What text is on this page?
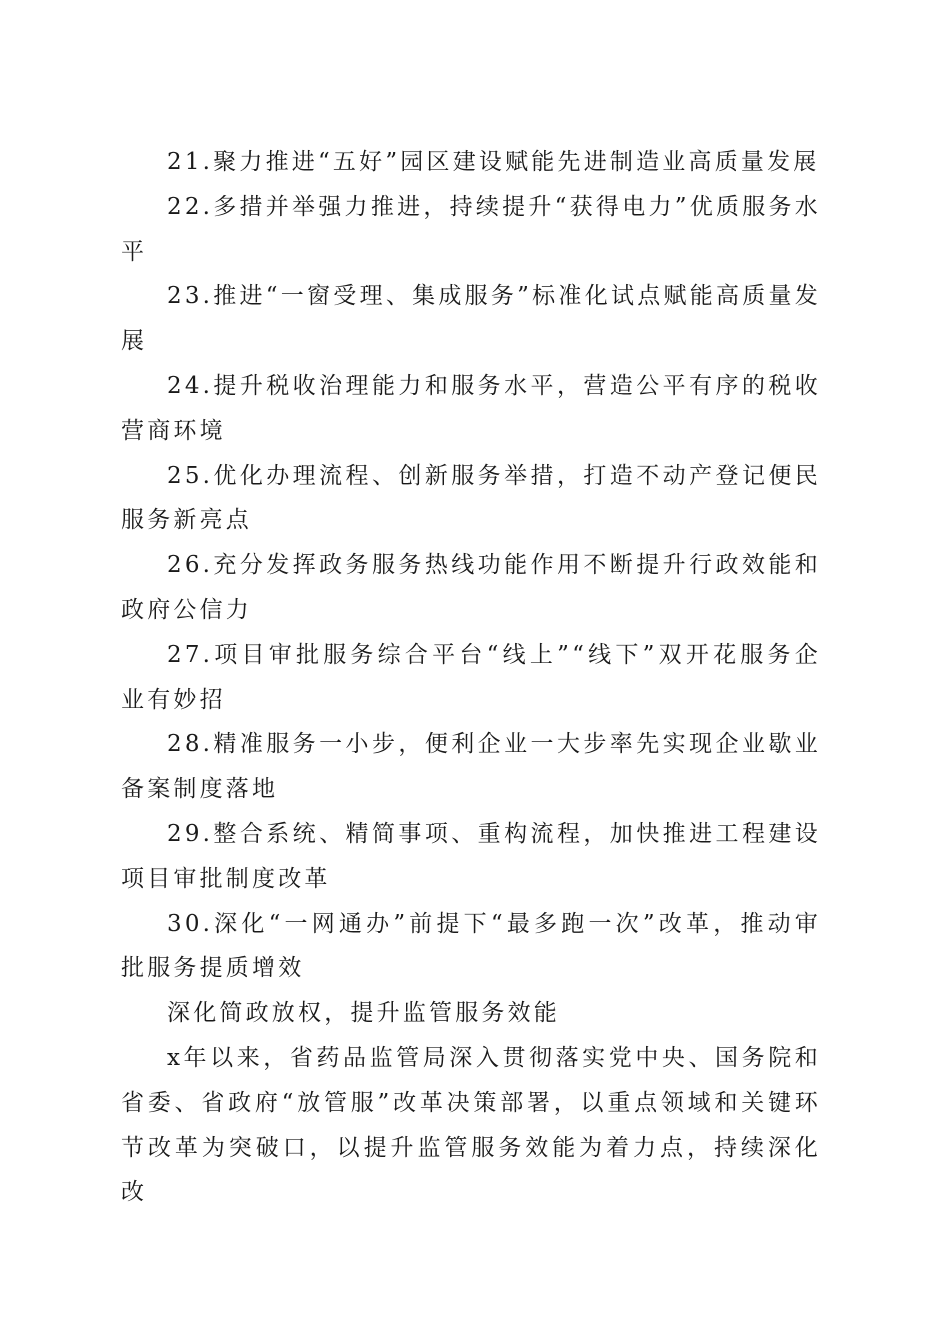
21.聚力推进“五好”园区建设赋能先进制造业高质量发展

22.多措并举强力推进，持续提升“获得电力”优质服务水平

23.推进“一窗受理、集成服务”标准化试点赋能高质量发展

24.提升税收治理能力和服务水平，营造公平有序的税收营商环境

25.优化办理流程、创新服务举措，打造不动产登记便民服务新亮点

26.充分发挥政务服务热线功能作用不断提升行政效能和政府公信力

27.项目审批服务综合平台“线上”“线下”双开花服务企业有妙招

28.精准服务一小步，便利企业一大步率先实现企业歇业备案制度落地

29.整合系统、精简事项、重构流程，加快推进工程建设项目审批制度改革

30.深化“一网通办”前提下“最多跑一次”改革，推动审批服务提质增效

深化简政放权，提升监管服务效能

x年以来，省药品监管局深入贯彻落实党中央、国务院和省委、省政府“放管服”改革决策部署，以重点领域和关键环节改革为突破口，以提升监管服务效能为着力点，持续深化改
